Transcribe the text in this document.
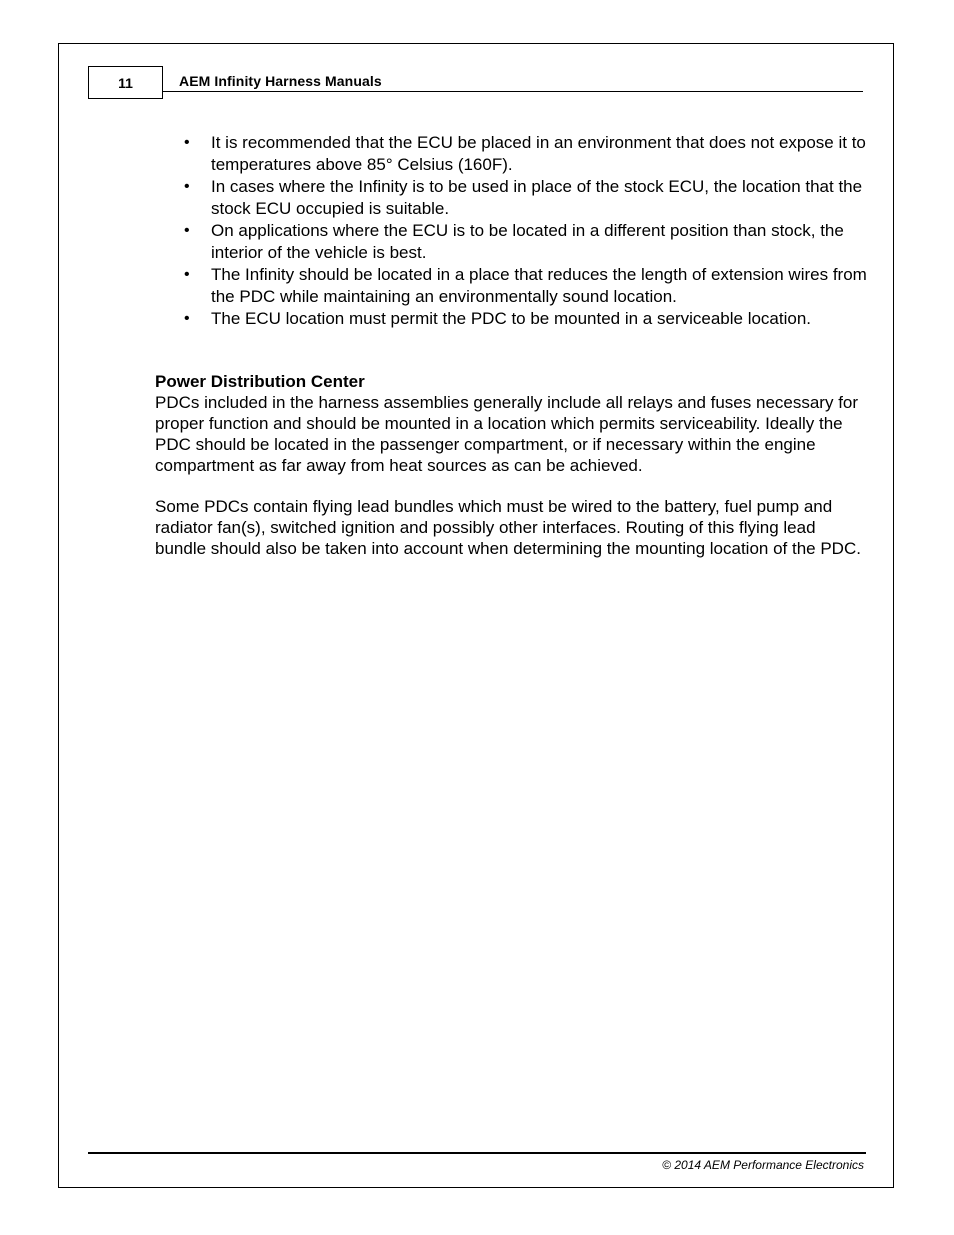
11	AEM Infinity Harness Manuals
• It is recommended that the ECU be placed in an environment that does not expose it to temperatures above 85° Celsius (160F).
• In cases where the Infinity is to be used in place of the stock ECU, the location that the stock ECU occupied is suitable.
• On applications where the ECU is to be located in a different position than stock, the interior of the vehicle is best.
• The Infinity should be located in a place that reduces the length of extension wires from the PDC while maintaining an environmentally sound location.
• The ECU location must permit the PDC to be mounted in a serviceable location.

Power Distribution Center

PDCs included in the harness assemblies generally include all relays and fuses necessary for proper function and should be mounted in a location which permits serviceability. Ideally the PDC should be located in the passenger compartment, or if necessary within the engine compartment as far away from heat sources as can be achieved.

Some PDCs contain flying lead bundles which must be wired to the battery, fuel pump and radiator fan(s), switched ignition and possibly other interfaces. Routing of this flying lead bundle should also be taken into account when determining the mounting location of the PDC.

© 2014 AEM Performance Electronics
